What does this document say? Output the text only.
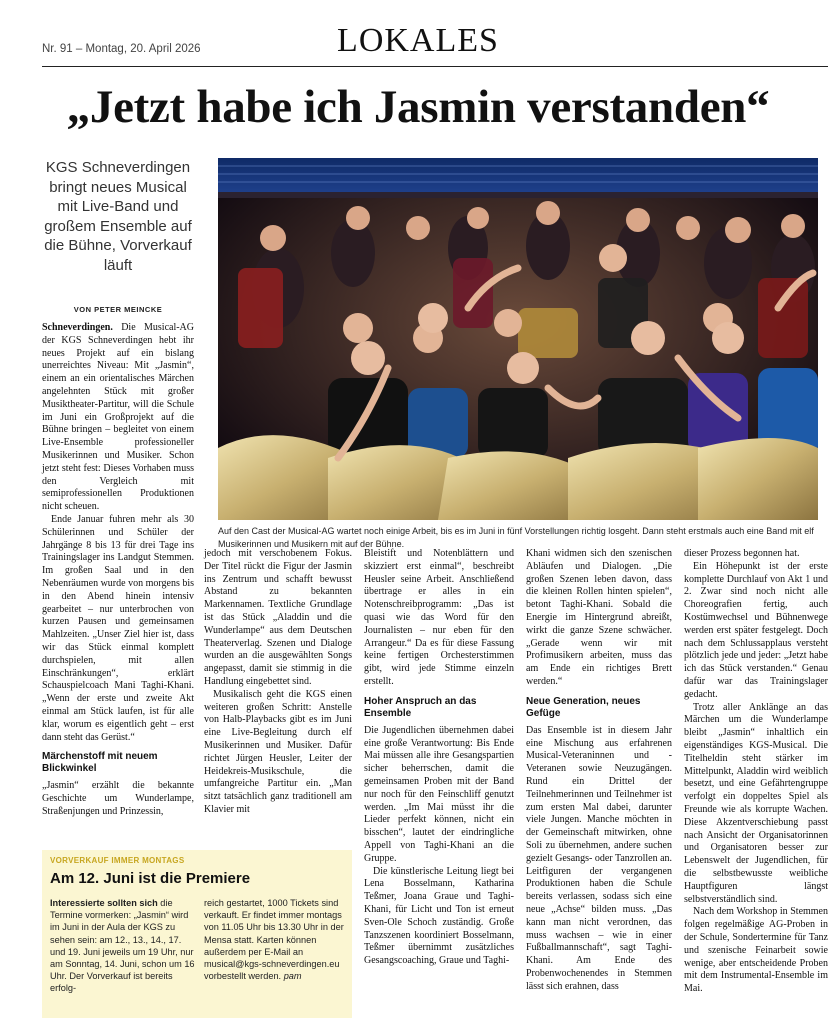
Nr. 91 – Montag, 20. April 2026	LOKALES
„Jetzt habe ich Jasmin verstanden“
KGS Schneverdingen bringt neues Musical mit Live-Band und großem Ensemble auf die Bühne, Vorverkauf läuft
VON PETER MEINCKE
Auf den Cast der Musical-AG wartet noch einige Arbeit, bis es im Juni in fünf Vorstellungen richtig losgeht. Dann steht erstmals auch eine Band mit elf Musikerinnen und Musikern mit auf der Bühne.

Schneverdingen. Die Musical-AG der KGS Schneverdingen hebt ihr neues Projekt auf ein bislang unerreichtes Niveau: Mit „Jasmin“, einem an ein orientalisches Märchen angelehnten Stück mit großer Musiktheater-Partitur, will die Schule im Juni ein Großprojekt auf die Bühne bringen – begleitet von einem Live-Ensemble professioneller Musikerinnen und Musiker. Schon jetzt steht fest: Dieses Vorhaben muss den Vergleich mit semiprofessionellen Produktionen nicht scheuen.

Ende Januar fuhren mehr als 30 Schülerinnen und Schüler der Jahrgänge 8 bis 13 für drei Tage ins Trainingslager ins Landgut Stemmen. Im großen Saal und in den Nebenräumen wurde von morgens bis in den Abend hinein intensiv gearbeitet – nur unterbrochen von kurzen Pausen und gemeinsamen Mahlzeiten. „Unser Ziel hier ist, dass wir das Stück einmal komplett durchspielen, mit allen Einschränkungen“, erklärt Schauspielcoach Mani Taghi-Khani. „Wenn der erste und zweite Akt einmal am Stück laufen, ist für alle klar, worum es eigentlich geht – erst dann steht das Gerüst.“

Märchenstoff mit neuem Blickwinkel

„Jasmin“ erzählt die bekannte Geschichte um Wunderlampe, Straßenjungen und Prinzessin,

jedoch mit verschobenem Fokus. Der Titel rückt die Figur der Jasmin ins Zentrum und schafft bewusst Abstand zu bekannten Markennamen. Textliche Grundlage ist das Stück „Aladdin und die Wunderlampe“ aus dem Deutschen Theaterverlag. Szenen und Dialoge wurden an die ausgewählten Songs angepasst, damit sie stimmig in die Handlung eingebettet sind.

Musikalisch geht die KGS einen weiteren großen Schritt: Anstelle von Halb-Playbacks gibt es im Juni eine Live-Begleitung durch elf Musikerinnen und Musiker. Dafür richtet Jürgen Heusler, Leiter der Heidekreis-Musikschule, die umfangreiche Partitur ein. „Man sitzt tatsächlich ganz traditionell am Klavier mit

Bleistift und Notenblättern und skizziert erst einmal“, beschreibt Heusler seine Arbeit. Anschließend übertrage er alles in ein Notenschreibprogramm: „Das ist quasi wie das Word für den Journalisten – nur eben für den Arrangeur.“ Da es für diese Fassung keine fertigen Orchesterstimmen gibt, wird jede Stimme einzeln erstellt.

Hoher Anspruch an das Ensemble

Die Jugendlichen übernehmen dabei eine große Verantwortung: Bis Ende Mai müssen alle ihre Gesangspartien sicher beherrschen, damit die gemeinsamen Proben mit der Band nur noch für den Feinschliff genutzt werden. „Im Mai müsst ihr die Lieder perfekt können, nicht ein bisschen“, lautet der eindringliche Appell von Taghi-Khani an die Gruppe.

Die künstlerische Leitung liegt bei Lena Bosselmann, Katharina Teßmer, Joana Graue und Taghi-Khani, für Licht und Ton ist erneut Sven-Ole Schoch zuständig. Große Tanzszenen koordiniert Bosselmann, Teßmer übernimmt zusätzliches Gesangscoaching, Graue und Taghi-

Khani widmen sich den szenischen Abläufen und Dialogen. „Die großen Szenen leben davon, dass die kleinen Rollen hinten spielen“, betont Taghi-Khani. Sobald die Energie im Hintergrund abreißt, wirkt die ganze Szene schwächer. „Gerade wenn wir mit Profimusikern arbeiten, muss das am Ende ein richtiges Brett werden.“

Neue Generation, neues Gefüge

Das Ensemble ist in diesem Jahr eine Mischung aus erfahrenen Musical-Veteraninnen und -Veteranen sowie Neuzugängen. Rund ein Drittel der Teilnehmerinnen und Teilnehmer ist zum ersten Mal dabei, darunter viele Jungen. Manche möchten in der Gemeinschaft mitwirken, ohne Soli zu übernehmen, andere suchen gezielt Gesangs- oder Tanzrollen an. Leitfiguren der vergangenen Produktionen haben die Schule bereits verlassen, sodass sich eine neue „Achse“ bilden muss. „Das kann man nicht verordnen, das muss wachsen – wie in einer Fußballmannschaft“, sagt Taghi-Khani. Am Ende des Probenwochenendes in Stemmen lässt sich erahnen, dass

dieser Prozess begonnen hat.

Ein Höhepunkt ist der erste komplette Durchlauf von Akt 1 und 2. Zwar sind noch nicht alle Choreografien fertig, auch Kostümwechsel und Bühnenwege werden erst später festgelegt. Doch nach dem Schlussapplaus versteht plötzlich jede und jeder: „Jetzt habe ich das Stück verstanden.“ Genau dafür war das Trainingslager gedacht.

Trotz aller Anklänge an das Märchen um die Wunderlampe bleibt „Jasmin“ inhaltlich ein eigenständiges KGS-Musical. Die Titelheldin steht stärker im Mittelpunkt, Aladdin wird weiblich besetzt, und eine Gefährtengruppe verfolgt ein doppeltes Spiel als Freunde wie als korrupte Wachen. Diese Akzentverschiebung passt nach Ansicht der Organisatorinnen und Organisatoren besser zur Lebenswelt der Jugendlichen, für die selbstbewusste weibliche Hauptfiguren längst selbstverständlich sind.

Nach dem Workshop in Stemmen folgen regelmäßige AG-Proben in der Schule, Sondertermine für Tanz und szenische Feinarbeit sowie wenige, aber entscheidende Proben mit dem Instrumental-Ensemble im Mai.

VORVERKAUF IMMER MONTAGS
Am 12. Juni ist die Premiere
Interessierte sollten sich die Termine vormerken: „Jasmin“ wird im Juni in der Aula der KGS zu sehen sein: am 12., 13., 14., 17. und 19. Juni jeweils um 19 Uhr, nur am Sonntag, 14. Juni, schon um 16 Uhr. Der Vorverkauf ist bereits erfolg-
reich gestartet, 1000 Tickets sind verkauft. Er findet immer montags von 11.05 Uhr bis 13.30 Uhr in der Mensa statt. Karten können außerdem per E-Mail an musical@kgs-schneverdingen.eu vorbestellt werden. pam
